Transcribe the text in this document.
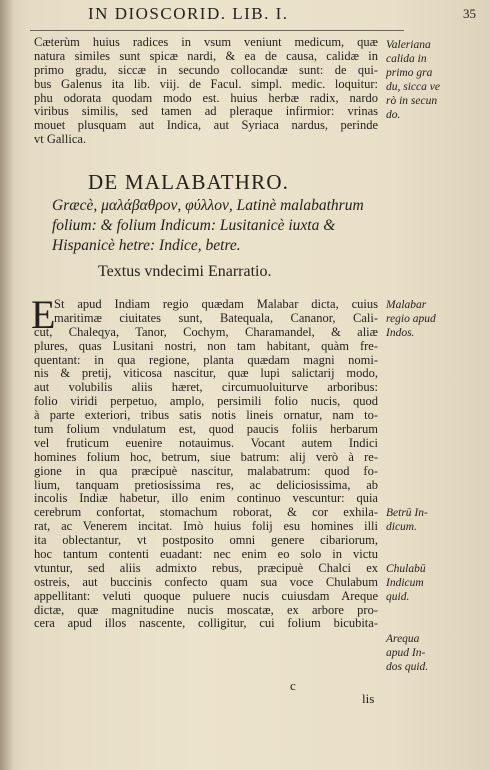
IN DIOSCORID. LIB. I.	35
Cæterùm huius radices in vsum veniunt medicum, quæ
natura similes sunt spicæ nardi, & ea de causa, calidæ in
primo gradu, siccæ in secundo collocandæ sunt: de qui-
bus Galenus ita lib. viij. de Facul. simpl. medic. loquitur:
phu odorata quodam modo est. huius herbæ radix, nardo
viribus similis, sed tamen ad pleraque infirmior: vrinas
mouet plusquam aut Indica, aut Syriaca nardus, perinde
vt Gallica.
Valeriana
calida in
primo gra
du, sicca ve
rò in secun
do.
DE MALABATHRO.
Græcè, μαλάβαθρον, φύλλον, Latinè malabathrum
folium: & folium Indicum: Lusitanicè iuxta &
Hispanicè hetre: Indice, betre.
Textus vndecimi Enarratio.
E
St apud Indiam regio quædam Malabar dicta, cuius
maritimæ ciuitates sunt, Batequala, Cananor, Cali-
cut, Chaleqya, Tanor, Cochym, Charamandel, & aliæ
plures, quas Lusitani nostri, non tam habitant, quàm fre-
quentant: in qua regione, planta quædam magni nomi-
nis & pretij, viticosa nascitur, quæ lupi salictarij modo,
aut volubilis aliis hæret, circumuoluiturve arboribus:
folio viridi perpetuo, amplo, persimili folio nucis, quod
à parte exteriori, tribus satis notis lineis ornatur, nam to-
tum folium vndulatum est, quod paucis foliis herbarum
vel fruticum euenire notauimus. Vocant autem Indici
homines folium hoc, betrum, siue batrum: alij verò à re-
gione in qua præcipuè nascitur, malabatrum: quod fo-
lium, tanquam pretiosissima res, ac deliciosissima, ab
incolis Indiæ habetur, illo enim continuo vescuntur: quia
cerebrum confortat, stomachum roborat, & cor exhila-
rat, ac Venerem incitat. Imò huius folij esu homines illi
ita oblectantur, vt postposito omni genere cibariorum,
hoc tantum contenti euadant: nec enim eo solo in victu
vtuntur, sed aliis admixto rebus, præcipuè Chalci ex
ostreis, aut buccinis confecto quam sua voce Chulabum
appellitant: veluti quoque puluere nucis cuiusdam Areque
dictæ, quæ magnitudine nucis moscatæ, ex arbore pro-
cera apud illos nascente, colligitur, cui folium bicubita-
Malabar
regio apud
Indos.
Betrū In-
dicum.
Chulabū
Indicum
quid.
Arequa
apud In-
dos quid.
c
lis
